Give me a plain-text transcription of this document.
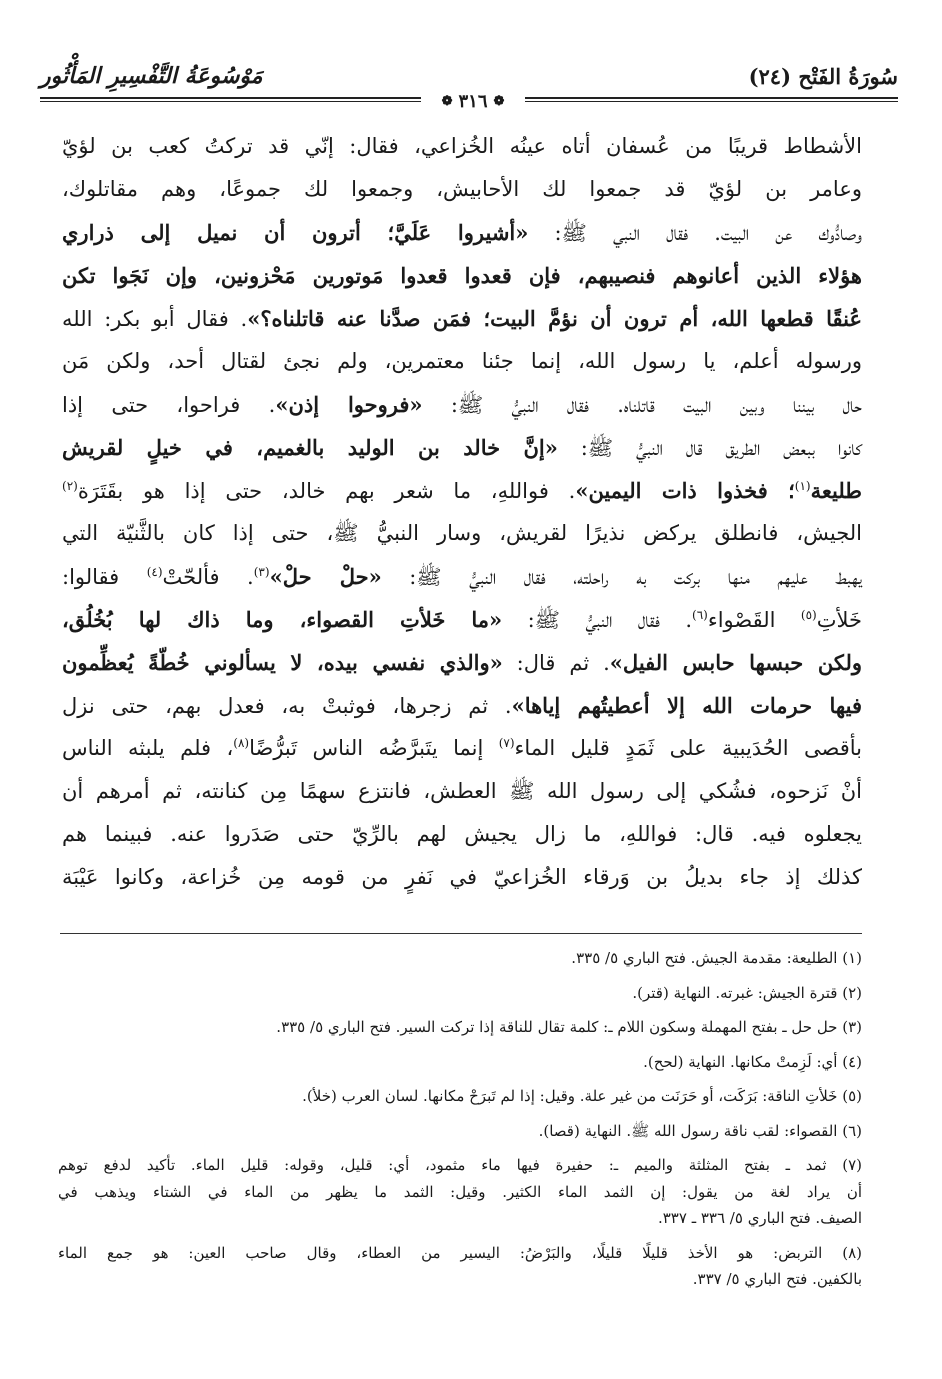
سُورَةُ الفَتْح (٢٤)
مَوْسُوعَةُ التَّفْسِيرِ المَأْثُور
❁
٣١٦
❁
الأشطاط قريبًا من عُسفان أتاه عينُه الخُزاعي، فقال: إنّي قد تركتُ كعب بن لؤيّ
وعامر بن لؤيّ قد جمعوا لك الأحابيش، وجمعوا لك جموعًا، وهم مقاتلوك،
وصادُّوك عن البيت. فقال النبي ﷺ: «أشيروا عَلَيَّ؛ أترون أن نميل إلى ذراري
هؤلاء الذين أعانوهم فنصيبهم، فإن قعدوا قعدوا مَوتورين مَحْزونين، وإن نَجَوا تكن
عُنقًا قطعها الله، أم ترون أن نؤمَّ البيت؛ فمَن صدَّنا عنه قاتلناه؟». فقال أبو بكر: الله
ورسوله أعلم، يا رسول الله، إنما جئنا معتمرين، ولم نجئ لقتال أحد، ولكن مَن
حال بيننا وبين البيت قاتلناه. فقال النبيُّ ﷺ: «فروحوا إذن». فراحوا، حتى إذا
كانوا ببعض الطريق قال النبيُّ ﷺ: «إنَّ خالد بن الوليد بالغميم، في خيلٍ لقريش
طليعة$^{(١)}$؛ فخذوا ذات اليمين». فواللهِ، ما شعر بهم خالد، حتى إذا هو بقَتَرَة$^{(٢)}$
الجيش، فانطلق يركض نذيرًا لقريش، وسار النبيُّ ﷺ، حتى إذا كان بالثَّنيّة التي
يهبط عليهم منها بركت به راحلته، فقال النبيُّ ﷺ: «حلْ حلْ»$^{(٣)}$. فألحّتْ$^{(٤)}$ فقالوا:
خَلأتِ$^{(٥)}$ القَصْواء$^{(٦)}$. فقال النبيُّ ﷺ: «ما خَلأتِ القصواء، وما ذاك لها بُخُلُق،
ولكن حبسها حابس الفيل». ثم قال: «والذي نفسي بيده، لا يسألوني خُطّةً يُعظِّمون
فيها حرمات الله إلا أعطيتُهم إياها». ثم زجرها، فوثبتْ به، فعدل بهم، حتى نزل
بأقصى الحُدَيبية على ثَمَدٍ قليل الماء$^{(٧)}$ إنما يتَبرَّضُه الناس تَبرُّضًا$^{(٨)}$، فلم يلبثه الناس
أنْ نَزحوه، فشُكي إلى رسول الله ﷺ العطش، فانتزع سهمًا مِن كنانته، ثم أمرهم أن
يجعلوه فيه. قال: فواللهِ، ما زال يجيش لهم بالرِّيّ حتى صَدَروا عنه. فبينما هم
كذلك إذ جاء بديلُ بن وَرقاء الخُزاعيّ في نَفرٍ من قومه مِن خُزاعة، وكانوا عَيْبَة
(١) الطليعة: مقدمة الجيش. فتح الباري ٥/ ٣٣٥.
(٢) قترة الجيش: غبرته. النهاية (قتر).
(٣) حل حل ـ بفتح المهملة وسكون اللام ـ: كلمة تقال للناقة إذا تركت السير. فتح الباري ٥/ ٣٣٥.
(٤) أي: لَزِمتْ مكانها. النهاية (لحح).
(٥) خَلأتِ الناقة: بَرَكَت، أو حَرَنَت من غير علة. وقيل: إذا لم تَبرَحْ مكانها. لسان العرب (خلأ).
(٦) القصواء: لقب ناقة رسول الله ﷺ. النهاية (قصا).
(٧) ثمد ـ بفتح المثلثة والميم ـ: حفيرة فيها ماء مثمود، أي: قليل، وقوله: قليل الماء. تأكيد لدفع توهم
أن يراد لغة من يقول: إن الثمد الماء الكثير. وقيل: الثمد ما يظهر من الماء في الشتاء ويذهب في
الصيف. فتح الباري ٥/ ٣٣٦ ـ ٣٣٧.
(٨) التربض: هو الأخذ قليلًا قليلًا، والبَرْضُ: اليسير من العطاء، وقال صاحب العين: هو جمع الماء
بالكفين. فتح الباري ٥/ ٣٣٧.
